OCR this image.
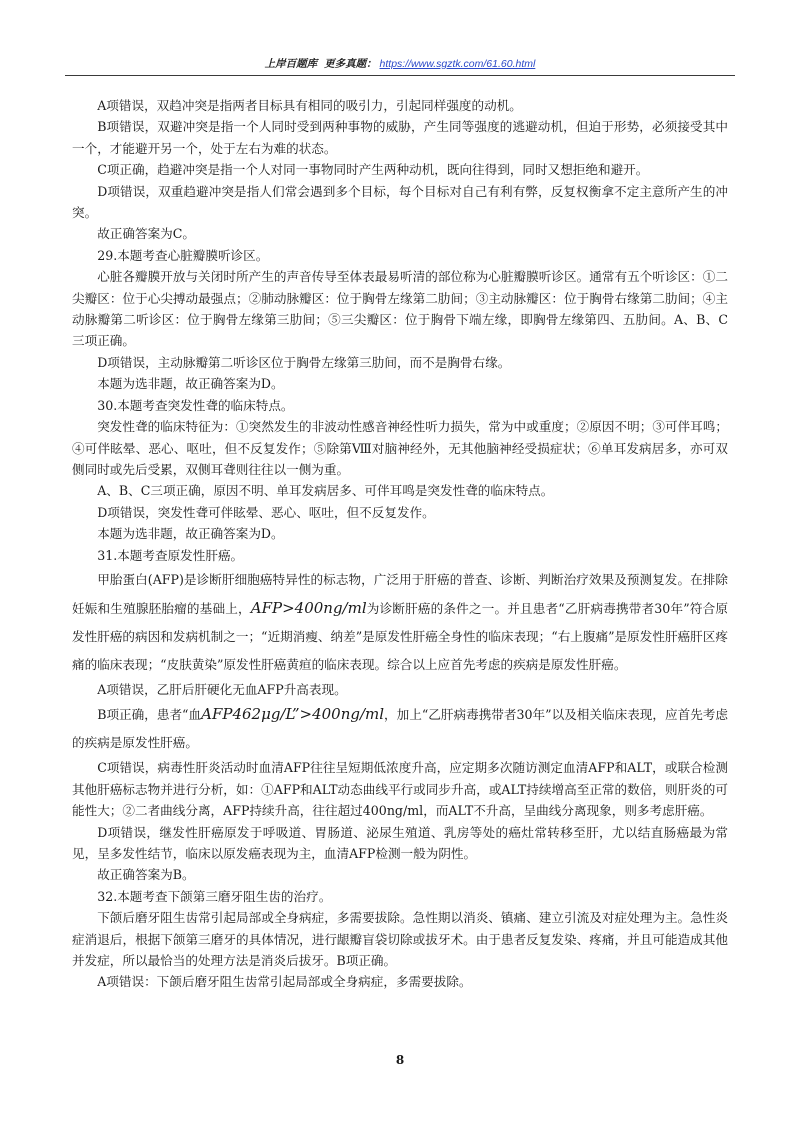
上岸百题库 更多真题： https://www.sgztk.com/61.60.html

A项错误，双趋冲突是指两者目标具有相同的吸引力，引起同样强度的动机。

B项错误，双避冲突是指一个人同时受到两种事物的威胁，产生同等强度的逃避动机，但迫于形势，必须接受其中一个，才能避开另一个，处于左右为难的状态。

C项正确，趋避冲突是指一个人对同一事物同时产生两种动机，既向往得到，同时又想拒绝和避开。

D项错误，双重趋避冲突是指人们常会遇到多个目标，每个目标对自己有利有弊，反复权衡拿不定主意所产生的冲突。

故正确答案为C。

29.本题考查心脏瓣膜听诊区。

心脏各瓣膜开放与关闭时所产生的声音传导至体表最易听清的部位称为心脏瓣膜听诊区。通常有五个听诊区：①二尖瓣区：位于心尖搏动最强点；②肺动脉瓣区：位于胸骨左缘第二肋间；③主动脉瓣区：位于胸骨右缘第二肋间；④主动脉瓣第二听诊区：位于胸骨左缘第三肋间；⑤三尖瓣区：位于胸骨下端左缘，即胸骨左缘第四、五肋间。A、B、C三项正确。

D项错误，主动脉瓣第二听诊区位于胸骨左缘第三肋间，而不是胸骨右缘。

本题为选非题，故正确答案为D。

30.本题考查突发性聋的临床特点。

突发性聋的临床特征为：①突然发生的非波动性感音神经性听力损失，常为中或重度；②原因不明；③可伴耳鸣；④可伴眩晕、恶心、呕吐，但不反复发作；⑤除第Ⅷ对脑神经外，无其他脑神经受损症状；⑥单耳发病居多，亦可双侧同时或先后受累，双侧耳聋则往往以一侧为重。

A、B、C三项正确，原因不明、单耳发病居多、可伴耳鸣是突发性聋的临床特点。

D项错误，突发性聋可伴眩晕、恶心、呕吐，但不反复发作。

本题为选非题，故正确答案为D。

31.本题考查原发性肝癌。

甲胎蛋白(AFP)是诊断肝细胞癌特异性的标志物，广泛用于肝癌的普查、诊断、判断治疗效果及预测复发。在排除妊娠和生殖腺胚胎瘤的基础上，AFP>400ng/ml为诊断肝癌的条件之一。并且患者“乙肝病毒携带者30年”符合原发性肝癌的病因和发病机制之一；“近期消瘦、纳差”是原发性肝癌全身性的临床表现；“右上腹痛”是原发性肝癌肝区疼痛的临床表现；“皮肤黄染”原发性肝癌黄疸的临床表现。综合以上应首先考虑的疾病是原发性肝癌。

A项错误，乙肝后肝硬化无血AFP升高表现。

B项正确，患者“血AFP462μg/L”>400ng/ml，加上“乙肝病毒携带者30年”以及相关临床表现，应首先考虑的疾病是原发性肝癌。

C项错误，病毒性肝炎活动时血清AFP往往呈短期低浓度升高，应定期多次随访测定血清AFP和ALT，或联合检测其他肝癌标志物并进行分析，如：①AFP和ALT动态曲线平行或同步升高，或ALT持续增高至正常的数倍，则肝炎的可能性大；②二者曲线分离，AFP持续升高，往往超过400ng/ml，而ALT不升高，呈曲线分离现象，则多考虑肝癌。

D项错误，继发性肝癌原发于呼吸道、胃肠道、泌尿生殖道、乳房等处的癌灶常转移至肝，尤以结直肠癌最为常见，呈多发性结节，临床以原发癌表现为主，血清AFP检测一般为阴性。

故正确答案为B。

32.本题考查下颌第三磨牙阻生齿的治疗。

下颌后磨牙阻生齿常引起局部或全身病症，多需要拔除。急性期以消炎、镇痛、建立引流及对症处理为主。急性炎症消退后，根据下颌第三磨牙的具体情况，进行龈瓣盲袋切除或拔牙术。由于患者反复发染、疼痛，并且可能造成其他并发症，所以最恰当的处理方法是消炎后拔牙。B项正确。

A项错误：下颌后磨牙阻生齿常引起局部或全身病症，多需要拔除。

8
